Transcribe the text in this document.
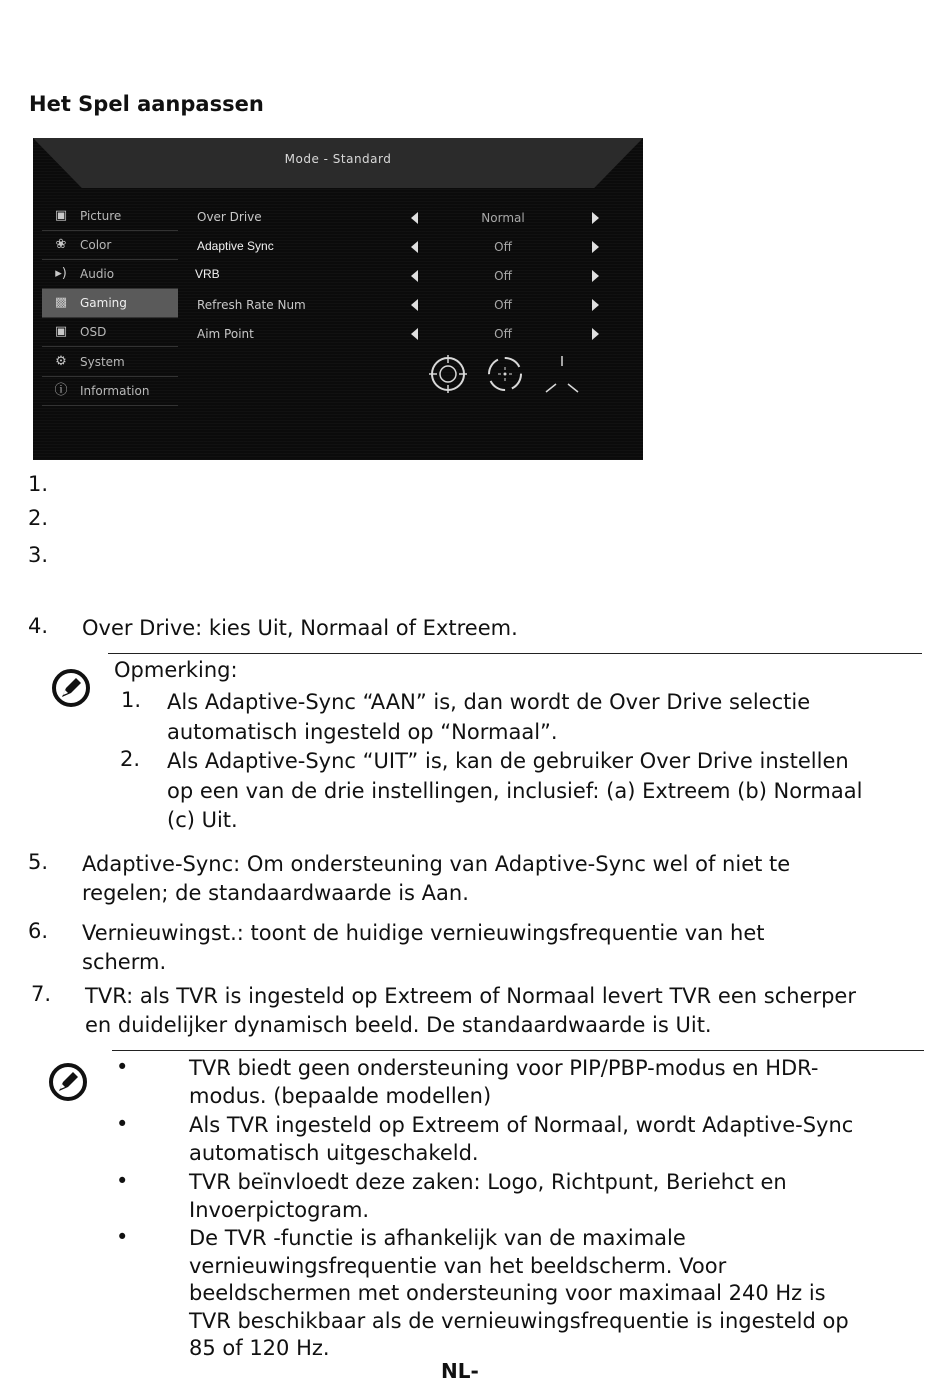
Het Spel aanpassen
Mode - Standard
▣ Picture
❀ Color
▸) Audio
▩ Gaming
▣ OSD
⚙ System
ⓘ Information
Over Drive	Normal
Adaptive Sync	Off
VRB	Off
Refresh Rate Num	Off
Aim Point	Off
1.
2.
3.
4. Over Drive: kies Uit, Normaal of Extreem.
Opmerking:
1. Als Adaptive-Sync “AAN” is, dan wordt de Over Drive selectie
automatisch ingesteld op “Normaal”.
2. Als Adaptive-Sync “UIT” is, kan de gebruiker Over Drive instellen
op een van de drie instellingen, inclusief: (a) Extreem (b) Normaal
(c) Uit.
5. Adaptive-Sync: Om ondersteuning van Adaptive-Sync wel of niet te
regelen; de standaardwaarde is Aan.
6. Vernieuwingst.: toont de huidige vernieuwingsfrequentie van het
scherm.
7. TVR: als TVR is ingesteld op Extreem of Normaal levert TVR een scherper
en duidelijker dynamisch beeld. De standaardwaarde is Uit.
•	TVR biedt geen ondersteuning voor PIP/PBP-modus en HDR-
modus. (bepaalde modellen)
•	Als TVR ingesteld op Extreem of Normaal, wordt Adaptive-Sync
automatisch uitgeschakeld.
•	TVR beïnvloedt deze zaken: Logo, Richtpunt, Beriehct en
Invoerpictogram.
•	De TVR -functie is afhankelijk van de maximale
vernieuwingsfrequentie van het beeldscherm. Voor
beeldschermen met ondersteuning voor maximaal 240 Hz is
TVR beschikbaar als de vernieuwingsfrequentie is ingesteld op
85 of 120 Hz.
NL-
